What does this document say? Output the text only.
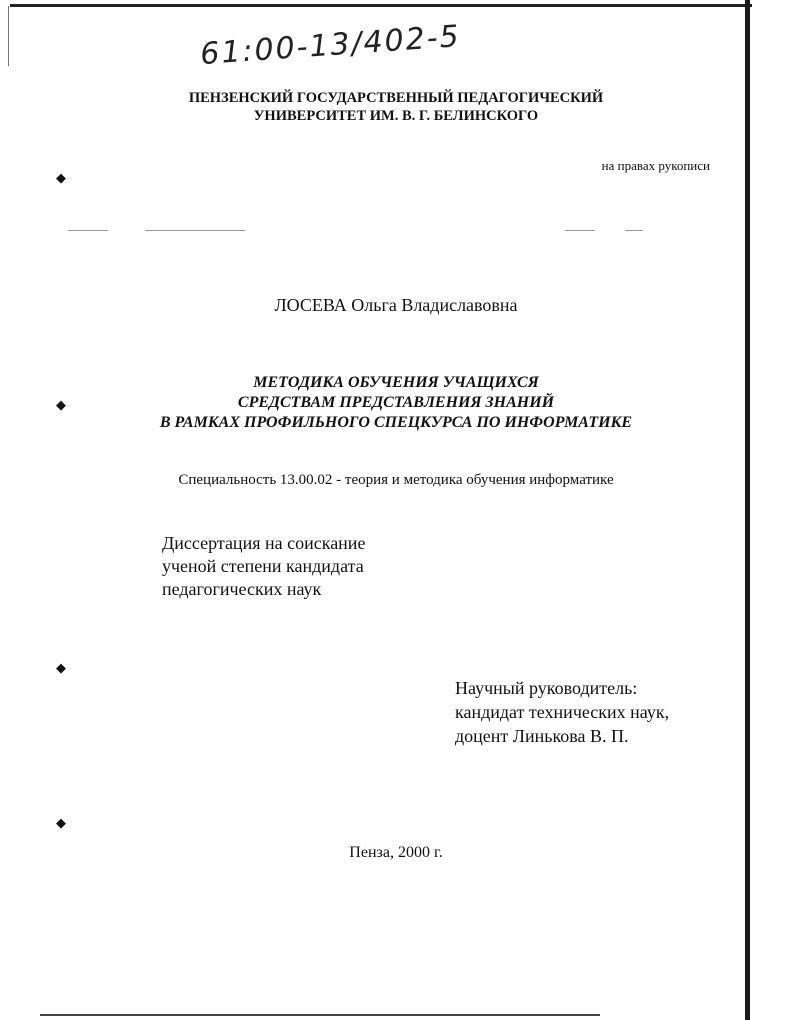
◆
◆
◆
◆
61:00-13/402-5
ПЕНЗЕНСКИЙ ГОСУДАРСТВЕННЫЙ ПЕДАГОГИЧЕСКИЙ
УНИВЕРСИТЕТ ИМ. В. Г. БЕЛИНСКОГО
на правах рукописи
ЛОСЕВА Ольга Владиславовна
МЕТОДИКА ОБУЧЕНИЯ УЧАЩИХСЯ
СРЕДСТВАМ ПРЕДСТАВЛЕНИЯ ЗНАНИЙ
В РАМКАХ ПРОФИЛЬНОГО СПЕЦКУРСА ПО ИНФОРМАТИКЕ
Специальность 13.00.02 - теория и методика обучения информатике
Диссертация на соискание
ученой степени кандидата
педагогических наук
Научный руководитель:
кандидат технических наук,
доцент Линькова В. П.
Пенза, 2000 г.
